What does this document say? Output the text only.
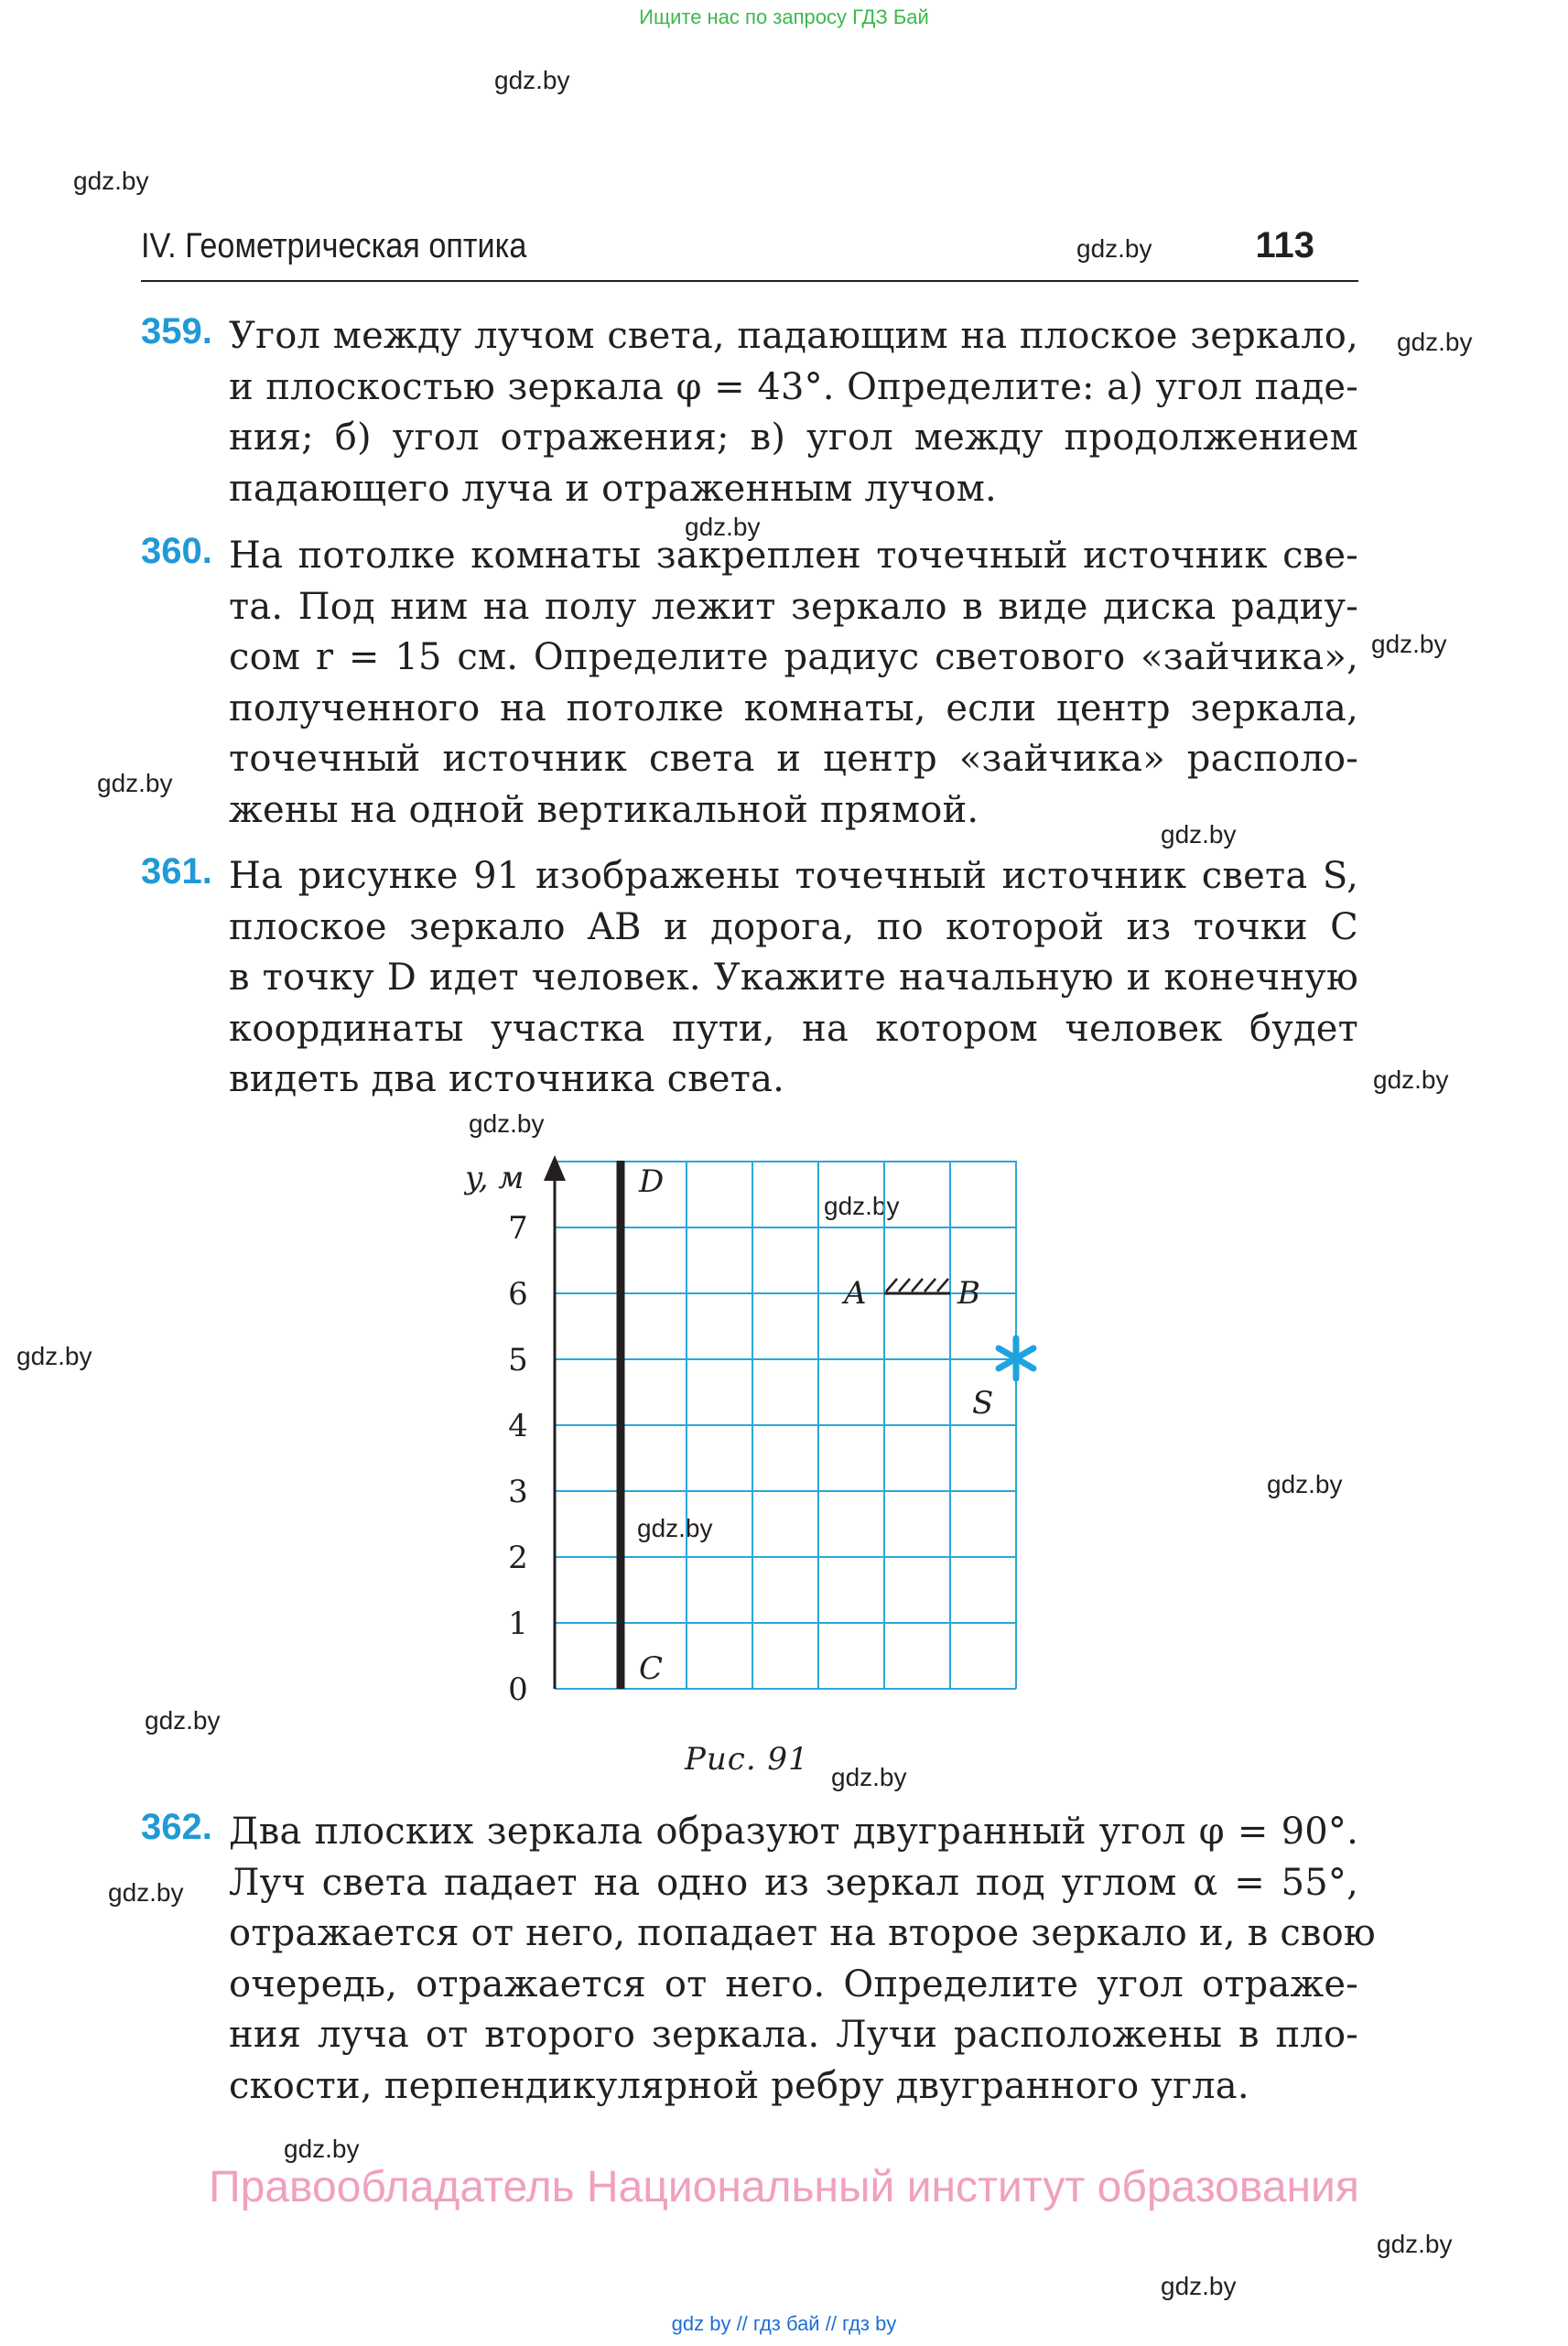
Ищите нас по запросу ГДЗ Бай
gdz.by
gdz.by
gdz.by
gdz.by
gdz.by
gdz.by
gdz.by
gdz.by
gdz.by
gdz.by
gdz.by
gdz.by
gdz.by
gdz.by
gdz.by
gdz.by
gdz.by
gdz.by
gdz.by
IV. Геометрическая оптика	gdz.by	113
359. Угол между лучом света, падающим на плоское зеркало,
и плоскостью зеркала φ = 43°. Определите: а) угол паде-
ния; б) угол отражения; в) угол между продолжением
падающего луча и отраженным лучом.
360. На потолке комнаты закреплен точечный источник све-
та. Под ним на полу лежит зеркало в виде диска радиу-
сом r = 15 см. Определите радиус светового «зайчика»,
полученного на потолке комнаты, если центр зеркала,
точечный источник света и центр «зайчика» располо-
жены на одной вертикальной прямой.
361. На рисунке 91 изображены точечный источник света S,
плоское зеркало AB и дорога, по которой из точки C
в точку D идет человек. Укажите начальную и конечную
координаты участка пути, на котором человек будет
видеть два источника света.
y, м	D
C
0
1
2
3
4
5
6
7
A	B
S
Рис. 91
362. Два плоских зеркала образуют двугранный угол φ = 90°.
Луч света падает на одно из зеркал под углом α = 55°,
отражается от него, попадает на второе зеркало и, в свою
очередь, отражается от него. Определите угол отраже-
ния луча от второго зеркала. Лучи расположены в пло-
скости, перпендикулярной ребру двугранного угла.
Правообладатель Национальный институт образования
gdz by // гдз бай // гдз by
